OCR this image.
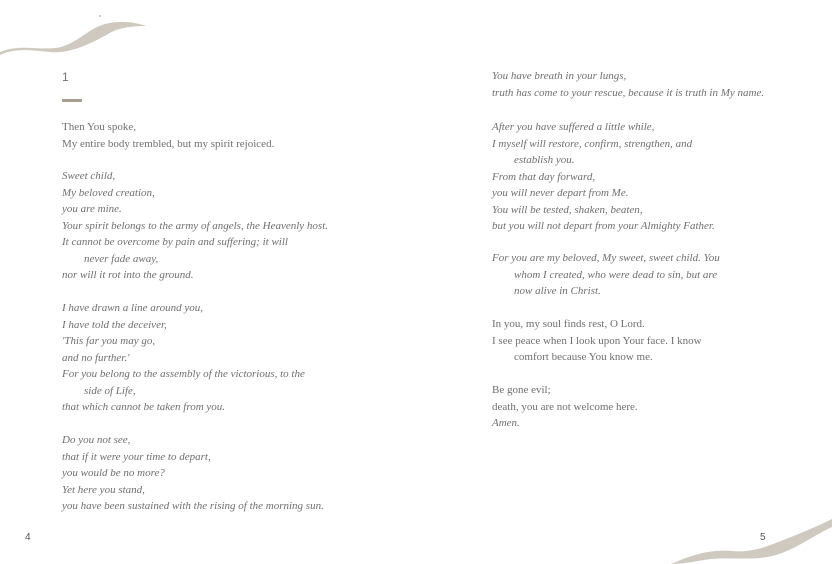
1
Then You spoke,
My entire body trembled, but my spirit rejoiced.
Sweet child,
My beloved creation,
you are mine.
Your spirit belongs to the army of angels, the Heavenly host.
It cannot be overcome by pain and suffering; it will
never fade away,
nor will it rot into the ground.
I have drawn a line around you,
I have told the deceiver,
'This far you may go,
and no further.'
For you belong to the assembly of the victorious, to the
side of Life,
that which cannot be taken from you.
Do you not see,
that if it were your time to depart,
you would be no more?
Yet here you stand,
you have been sustained with the rising of the morning sun.
4
You have breath in your lungs,
truth has come to your rescue, because it is truth in My name.
After you have suffered a little while,
I myself will restore, confirm, strengthen, and
establish you.
From that day forward,
you will never depart from Me.
You will be tested, shaken, beaten,
but you will not depart from your Almighty Father.
For you are my beloved, My sweet, sweet child. You
whom I created, who were dead to sin, but are
now alive in Christ.
In you, my soul finds rest, O Lord.
I see peace when I look upon Your face. I know
comfort because You know me.
Be gone evil;
death, you are not welcome here.
Amen.
5
